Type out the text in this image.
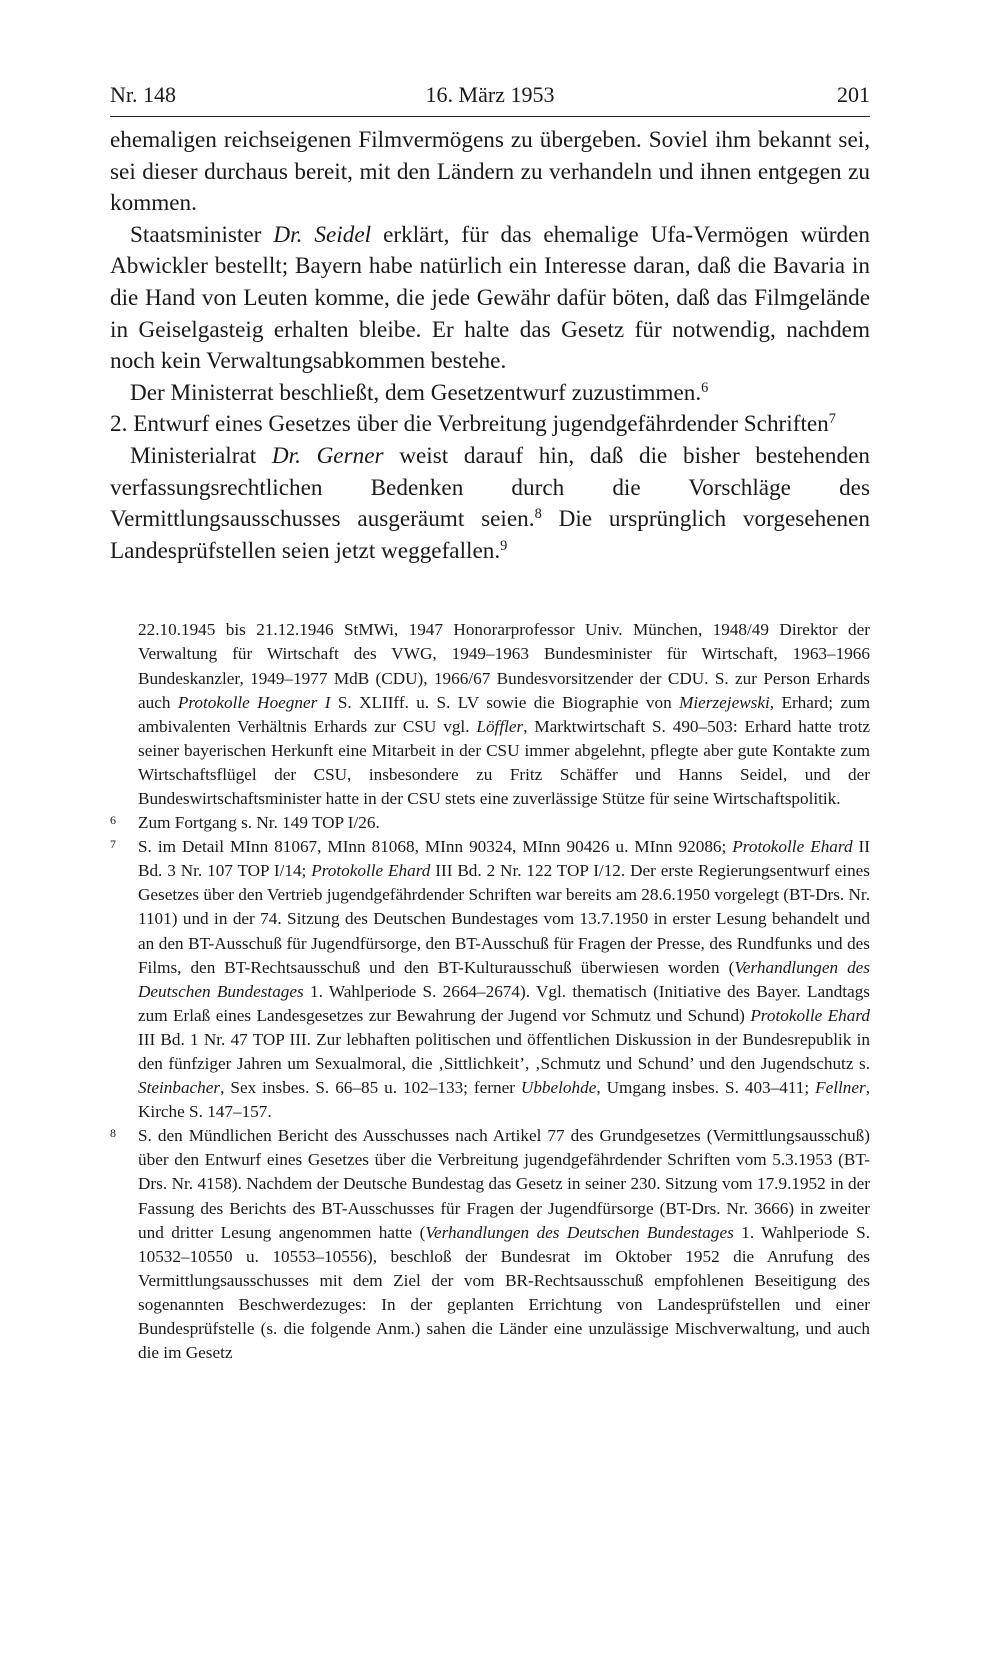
Nr. 148	16. März 1953	201

ehemaligen reichseigenen Filmvermögens zu übergeben. Soviel ihm bekannt sei, sei dieser durchaus bereit, mit den Ländern zu verhandeln und ihnen entgegen zu kommen.

Staatsminister Dr. Seidel erklärt, für das ehemalige Ufa-Vermögen würden Abwickler bestellt; Bayern habe natürlich ein Interesse daran, daß die Bavaria in die Hand von Leuten komme, die jede Gewähr dafür böten, daß das Filmgelände in Geiselgasteig erhalten bleibe. Er halte das Gesetz für notwendig, nachdem noch kein Verwaltungsabkommen bestehe.

Der Ministerrat beschließt, dem Gesetzentwurf zuzustimmen.$^6$

2. Entwurf eines Gesetzes über die Verbreitung jugendgefährdender Schriften$^7$

Ministerialrat Dr. Gerner weist darauf hin, daß die bisher bestehenden verfassungsrechtlichen Bedenken durch die Vorschläge des Vermittlungsausschusses ausgeräumt seien.$^8$ Die ursprünglich vorgesehenen Landesprüfstellen seien jetzt weggefallen.$^9$

22.10.1945 bis 21.12.1946 StMWi, 1947 Honorarprofessor Univ. München, 1948/49 Direktor der Verwaltung für Wirtschaft des VWG, 1949–1963 Bundesminister für Wirtschaft, 1963–1966 Bundeskanzler, 1949–1977 MdB (CDU), 1966/67 Bundesvorsitzender der CDU. S. zur Person Erhards auch Protokolle Hoegner I S. XLIIff. u. S. LV sowie die Biographie von Mierzejewski, Erhard; zum ambivalenten Verhältnis Erhards zur CSU vgl. Löffler, Marktwirtschaft S. 490–503: Erhard hatte trotz seiner bayerischen Herkunft eine Mitarbeit in der CSU immer abgelehnt, pflegte aber gute Kontakte zum Wirtschaftsflügel der CSU, insbesondere zu Fritz Schäffer und Hanns Seidel, und der Bundeswirtschaftsminister hatte in der CSU stets eine zuverlässige Stütze für seine Wirtschaftspolitik.

6 Zum Fortgang s. Nr. 149 TOP I/26.

7 S. im Detail MInn 81067, MInn 81068, MInn 90324, MInn 90426 u. MInn 92086; Protokolle Ehard II Bd. 3 Nr. 107 TOP I/14; Protokolle Ehard III Bd. 2 Nr. 122 TOP I/12. Der erste Regierungsentwurf eines Gesetzes über den Vertrieb jugendgefährdender Schriften war bereits am 28.6.1950 vorgelegt (BT-Drs. Nr. 1101) und in der 74. Sitzung des Deutschen Bundestages vom 13.7.1950 in erster Lesung behandelt und an den BT-Ausschuß für Jugendfürsorge, den BT-Ausschuß für Fragen der Presse, des Rundfunks und des Films, den BT-Rechtsausschuß und den BT-Kulturausschuß überwiesen worden (Verhandlungen des Deutschen Bundestages 1. Wahlperiode S. 2664–2674). Vgl. thematisch (Initiative des Bayer. Landtags zum Erlaß eines Landesgesetzes zur Bewahrung der Jugend vor Schmutz und Schund) Protokolle Ehard III Bd. 1 Nr. 47 TOP III. Zur lebhaften politischen und öffentlichen Diskussion in der Bundesrepublik in den fünfziger Jahren um Sexualmoral, die ‚Sittlichkeit’, ‚Schmutz und Schund’ und den Jugendschutz s. Steinbacher, Sex insbes. S. 66–85 u. 102–133; ferner Ubbelohde, Umgang insbes. S. 403–411; Fellner, Kirche S. 147–157.

8 S. den Mündlichen Bericht des Ausschusses nach Artikel 77 des Grundgesetzes (Vermittlungsausschuß) über den Entwurf eines Gesetzes über die Verbreitung jugendgefährdender Schriften vom 5.3.1953 (BT-Drs. Nr. 4158). Nachdem der Deutsche Bundestag das Gesetz in seiner 230. Sitzung vom 17.9.1952 in der Fassung des Berichts des BT-Ausschusses für Fragen der Jugendfürsorge (BT-Drs. Nr. 3666) in zweiter und dritter Lesung angenommen hatte (Verhandlungen des Deutschen Bundestages 1. Wahlperiode S. 10532–10550 u. 10553–10556), beschloß der Bundesrat im Oktober 1952 die Anrufung des Vermittlungsausschusses mit dem Ziel der vom BR-Rechtsausschuß empfohlenen Beseitigung des sogenannten Beschwerdezuges: In der geplanten Errichtung von Landesprüfstellen und einer Bundesprüfstelle (s. die folgende Anm.) sahen die Länder eine unzulässige Mischverwaltung, und auch die im Gesetz
